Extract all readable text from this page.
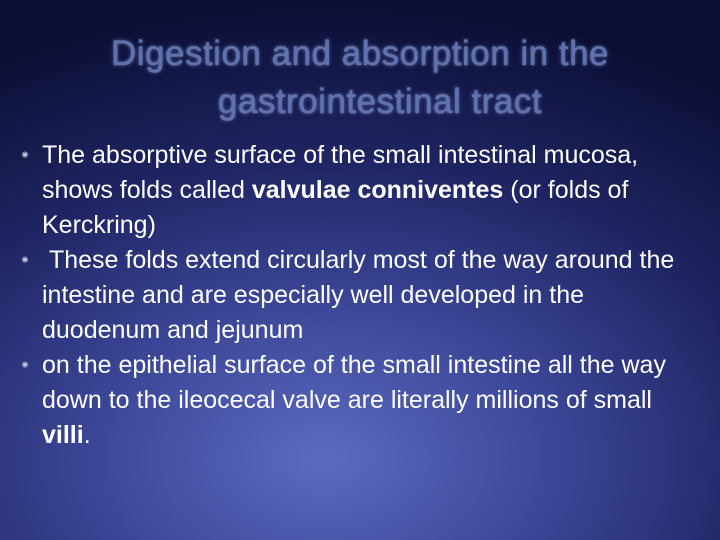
Digestion and absorption in the
gastrointestinal tract
⁕ The absorptive surface of the small intestinal mucosa, shows folds called valvulae conniventes (or folds of Kerckring)
⁕ These folds extend circularly most of the way around the intestine and are especially well developed in the duodenum and jejunum
⁕ on the epithelial surface of the small intestine all the way down to the ileocecal valve are literally millions of small villi.
